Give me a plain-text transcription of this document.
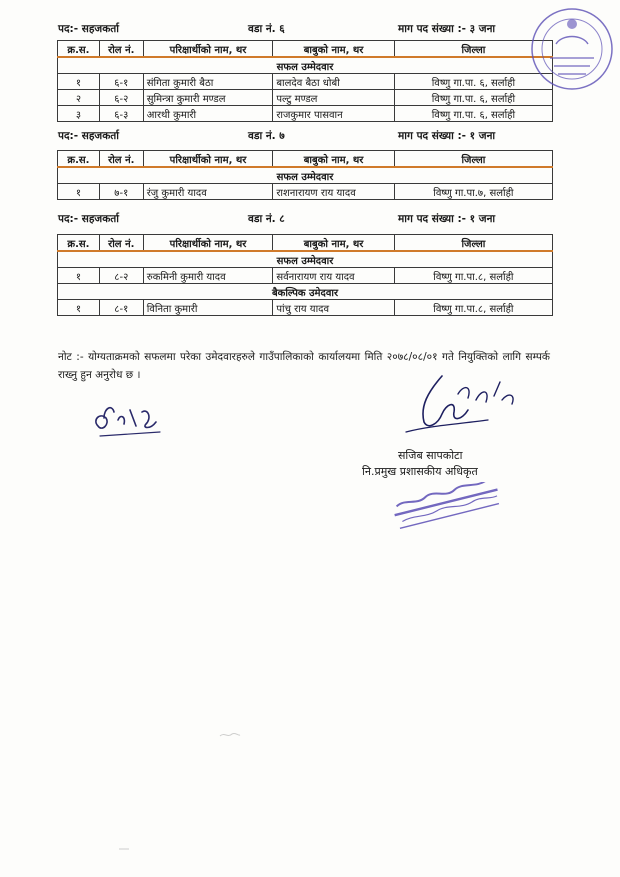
पद:- सहजकर्ता	वडा नं. ६	माग पद संख्या :- ३ जना
क्र.स.	रोल नं.	परिक्षार्थीको नाम, थर	बाबुको नाम, थर	जिल्ला
सफल उम्मेदवार				
१	६-१	संगिता कुमारी बैठा	बालदेव बैठा धोबी	विष्णु गा.पा. ६, सर्लाही
२	६-२	सुमिन्त्रा कुमारी मण्डल	पल्टु मण्डल	विष्णु गा.पा. ६, सर्लाही
३	६-३	आरथी कुमारी	राजकुमार पासवान	विष्णु गा.पा. ६, सर्लाही
पद:- सहजकर्ता	वडा नं. ७	माग पद संख्या :- १ जना
क्र.स.	रोल नं.	परिक्षार्थीको नाम, थर	बाबुको नाम, थर	जिल्ला
सफल उम्मेदवार				
१	७-१	रंजु कुमारी यादव	राशनारायण राय यादव	विष्णु गा.पा.७, सर्लाही
पद:- सहजकर्ता	वडा नं. ८	माग पद संख्या :- १ जना
क्र.स.	रोल नं.	परिक्षार्थीको नाम, थर	बाबुको नाम, थर	जिल्ला
सफल उम्मेदवार				
१	८-२	रुकमिनी कुमारी यादव	सर्वनारायण राय यादव	विष्णु गा.पा.८, सर्लाही
बैकल्पिक उमेदवार				
१	८-१	विनिता कुमारी	पांचु राय यादव	विष्णु गा.पा.८, सर्लाही
नोट :- योग्यताक्रमको सफलमा परेका उमेदवारहरुले गाउँपालिकाको कार्यालयमा मिति २०७८/०८/०१ गते नियुक्तिको लागि सम्पर्क राख्नु हुन अनुरोध छ ।
सजिब सापकोटा
नि.प्रमुख प्रशासकीय अधिकृत
